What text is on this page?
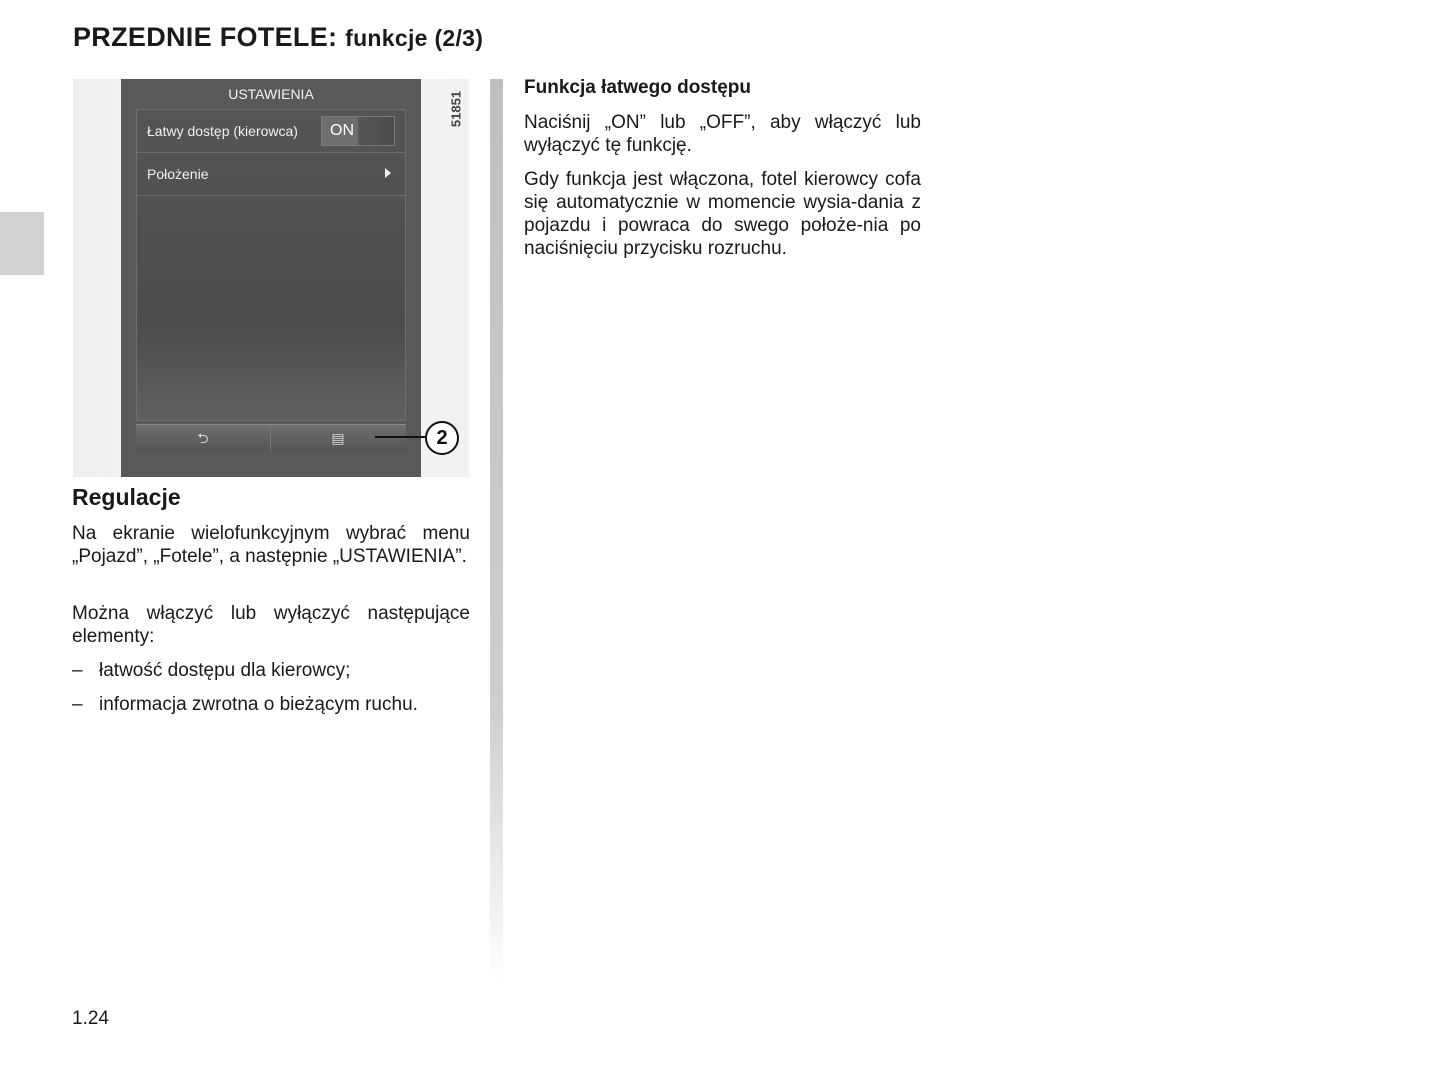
PRZEDNIE FOTELE: funkcje (2/3)
51851
USTAWIENIA
Łatwy dostęp (kierowca) ON
Położenie
⮌	▤	2
Regulacje
Na ekranie wielofunkcyjnym wybrać menu „Pojazd”, „Fotele”, a następnie „USTAWIENIA”.
Można włączyć lub wyłączyć następujące elementy:
– łatwość dostępu dla kierowcy;
– informacja zwrotna o bieżącym ruchu.
Funkcja łatwego dostępu
Naciśnij „ON” lub „OFF”, aby włączyć lub wyłączyć tę funkcję.
Gdy funkcja jest włączona, fotel kierowcy cofa się automatycznie w momencie wysia-dania z pojazdu i powraca do swego położe-nia po naciśnięciu przycisku rozruchu.
1.24
